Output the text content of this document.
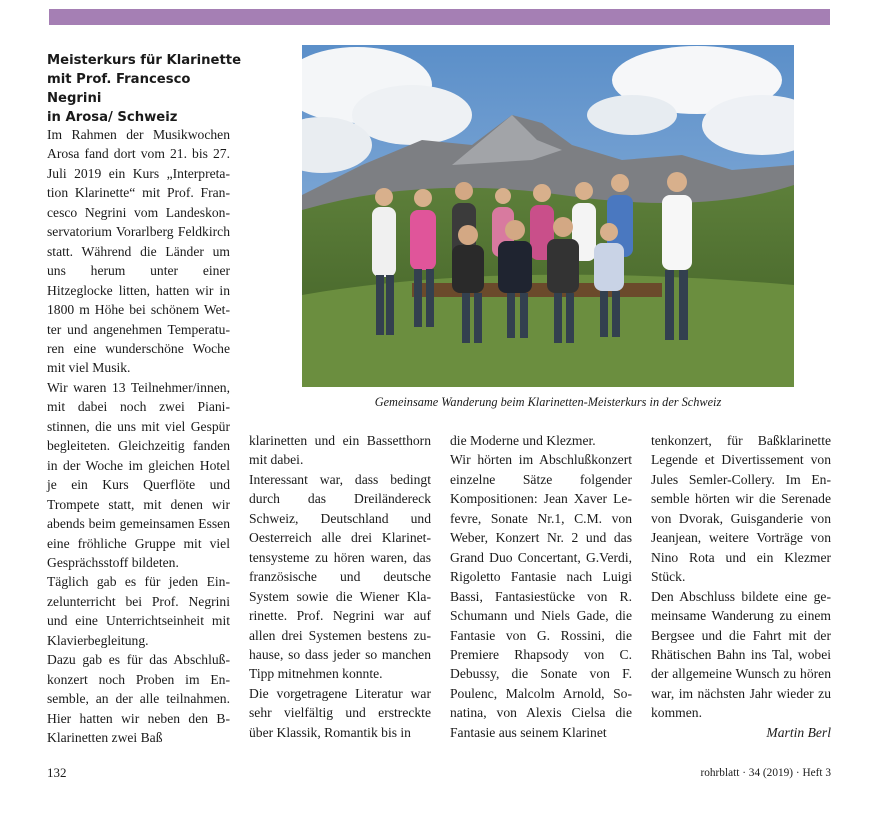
Meisterkurs für Klarinette
mit Prof. Francesco Negrini
in Arosa/ Schweiz

Im Rahmen der Musikwochen Arosa fand dort vom 21. bis 27. Juli 2019 ein Kurs „Interpretation Klarinette“ mit Prof. Francesco Negrini vom Landeskonservatorium Vorarlberg Feldkirch statt. Während die Länder um uns herum unter einer Hitzeglocke litten, hatten wir in 1800 m Höhe bei schönem Wetter und angenehmen Temperaturen eine wunderschöne Woche mit viel Musik.

Wir waren 13 Teilnehmer/innen, mit dabei noch zwei Pianistinnen, die uns mit viel Gespür begleiteten. Gleichzeitig fanden in der Woche im gleichen Hotel je ein Kurs Querflöte und Trompete statt, mit denen wir abends beim gemeinsamen Essen eine fröhliche Gruppe mit viel Gesprächsstoff bildeten.

Täglich gab es für jeden Einzelunterricht bei Prof. Negrini und eine Unterrichtseinheit mit Klavierbegleitung.

Dazu gab es für das Abschlußkonzert noch Proben im Ensemble, an der alle teilnahmen. Hier hatten wir neben den B-Klarinetten zwei Baß

Gemeinsame Wanderung beim Klarinetten-Meisterkurs in der Schweiz

klarinetten und ein Bassetthorn mit dabei.

Interessant war, dass bedingt durch das Dreiländereck Schweiz, Deutschland und Oesterreich alle drei Klarinettensysteme zu hören waren, das französische und deutsche System sowie die Wiener Klarinette. Prof. Negrini war auf allen drei Systemen bestens zuhause, so dass jeder so manchen Tipp mitnehmen konnte.

Die vorgetragene Literatur war sehr vielfältig und erstreckte über Klassik, Romantik bis in

die Moderne und Klezmer.

Wir hörten im Abschlußkonzert einzelne Sätze folgender Kompositionen: Jean Xaver Lefevre, Sonate Nr.1, C.M. von Weber, Konzert Nr. 2 und das Grand Duo Concertant, G.Verdi, Rigoletto Fantasie nach Luigi Bassi, Fantasiestücke von R. Schumann und Niels Gade, die Fantasie von G. Rossini, die Premiere Rhapsody von C. Debussy, die Sonate von F. Poulenc, Malcolm Arnold, Sonatina, von Alexis Cielsa die Fantasie aus seinem Klarinet

tenkonzert, für Baßklarinette Legende et Divertissement von Jules Semler-Collery. Im Ensemble hörten wir die Serenade von Dvorak, Guisganderie von Jeanjean, weitere Vorträge von Nino Rota und ein Klezmer Stück.

Den Abschluss bildete eine gemeinsame Wanderung zu einem Bergsee und die Fahrt mit der Rhätischen Bahn ins Tal, wobei der allgemeine Wunsch zu hören war, im nächsten Jahr wieder zu kommen.

Martin Berl

132	rohrblatt · 34 (2019) · Heft 3
